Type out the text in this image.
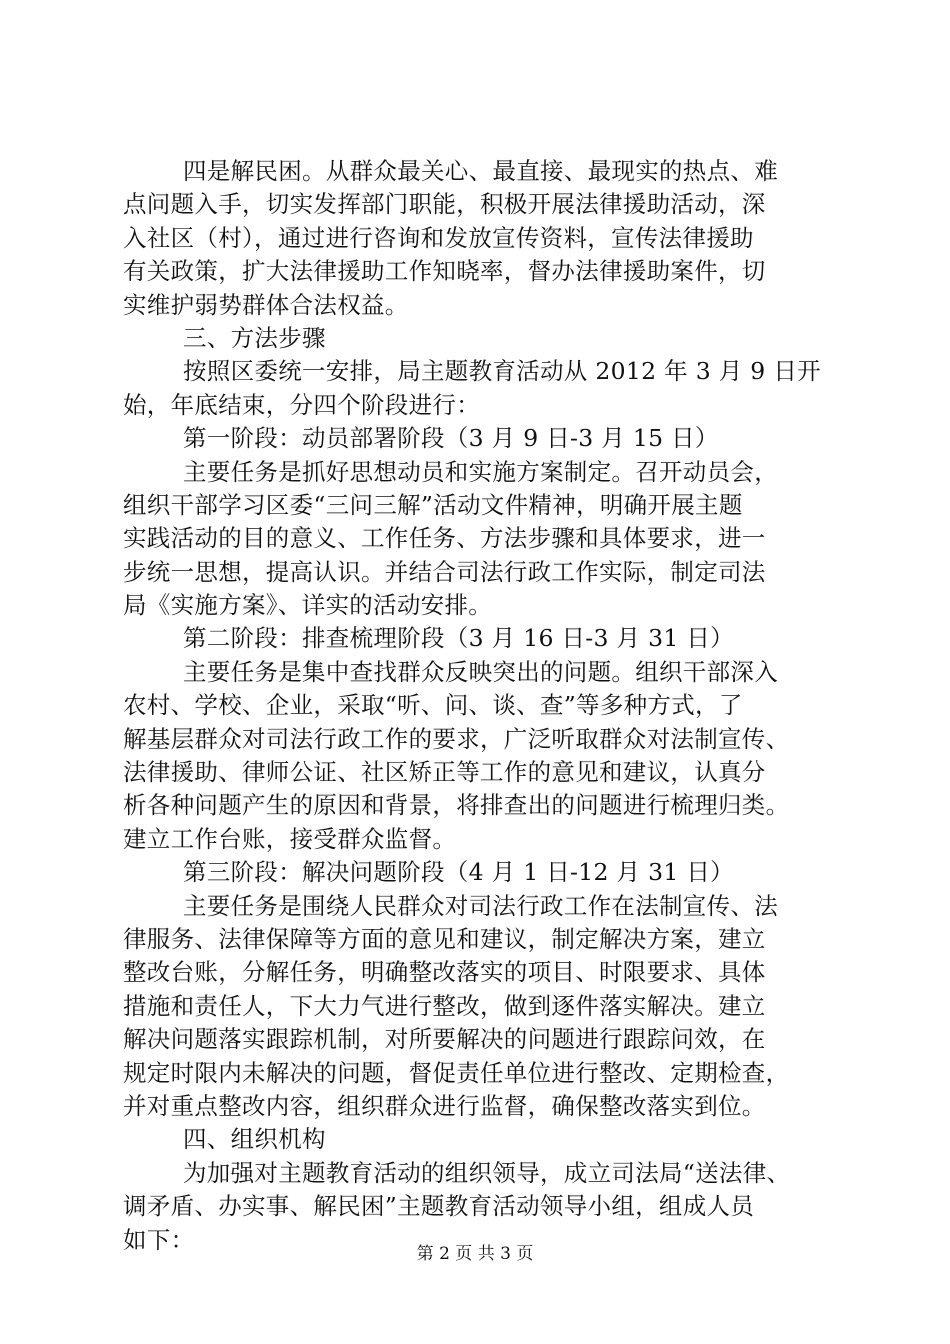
四是解民困。从群众最关心、最直接、最现实的热点、难
点问题入手，切实发挥部门职能，积极开展法律援助活动，深
入社区（村），通过进行咨询和发放宣传资料，宣传法律援助
有关政策，扩大法律援助工作知晓率，督办法律援助案件，切
实维护弱势群体合法权益。
三、方法步骤
按照区委统一安排，局主题教育活动从 2012 年 3 月 9 日开
始，年底结束，分四个阶段进行：
第一阶段：动员部署阶段（3 月 9 日-3 月 15 日）
主要任务是抓好思想动员和实施方案制定。召开动员会，
组织干部学习区委“三问三解”活动文件精神，明确开展主题
实践活动的目的意义、工作任务、方法步骤和具体要求，进一
步统一思想，提高认识。并结合司法行政工作实际，制定司法
局《实施方案》、详实的活动安排。
第二阶段：排查梳理阶段（3 月 16 日-3 月 31 日）
主要任务是集中查找群众反映突出的问题。组织干部深入
农村、学校、企业，采取“听、问、谈、查”等多种方式，了
解基层群众对司法行政工作的要求，广泛听取群众对法制宣传、
法律援助、律师公证、社区矫正等工作的意见和建议，认真分
析各种问题产生的原因和背景，将排查出的问题进行梳理归类。
建立工作台账，接受群众监督。
第三阶段：解决问题阶段（4 月 1 日-12 月 31 日）
主要任务是围绕人民群众对司法行政工作在法制宣传、法
律服务、法律保障等方面的意见和建议，制定解决方案，建立
整改台账，分解任务，明确整改落实的项目、时限要求、具体
措施和责任人，下大力气进行整改，做到逐件落实解决。建立
解决问题落实跟踪机制，对所要解决的问题进行跟踪问效，在
规定时限内未解决的问题，督促责任单位进行整改、定期检查，
并对重点整改内容，组织群众进行监督，确保整改落实到位。
四、组织机构
为加强对主题教育活动的组织领导，成立司法局“送法律、
调矛盾、办实事、解民困”主题教育活动领导小组，组成人员
如下：
第 2 页 共 3 页
